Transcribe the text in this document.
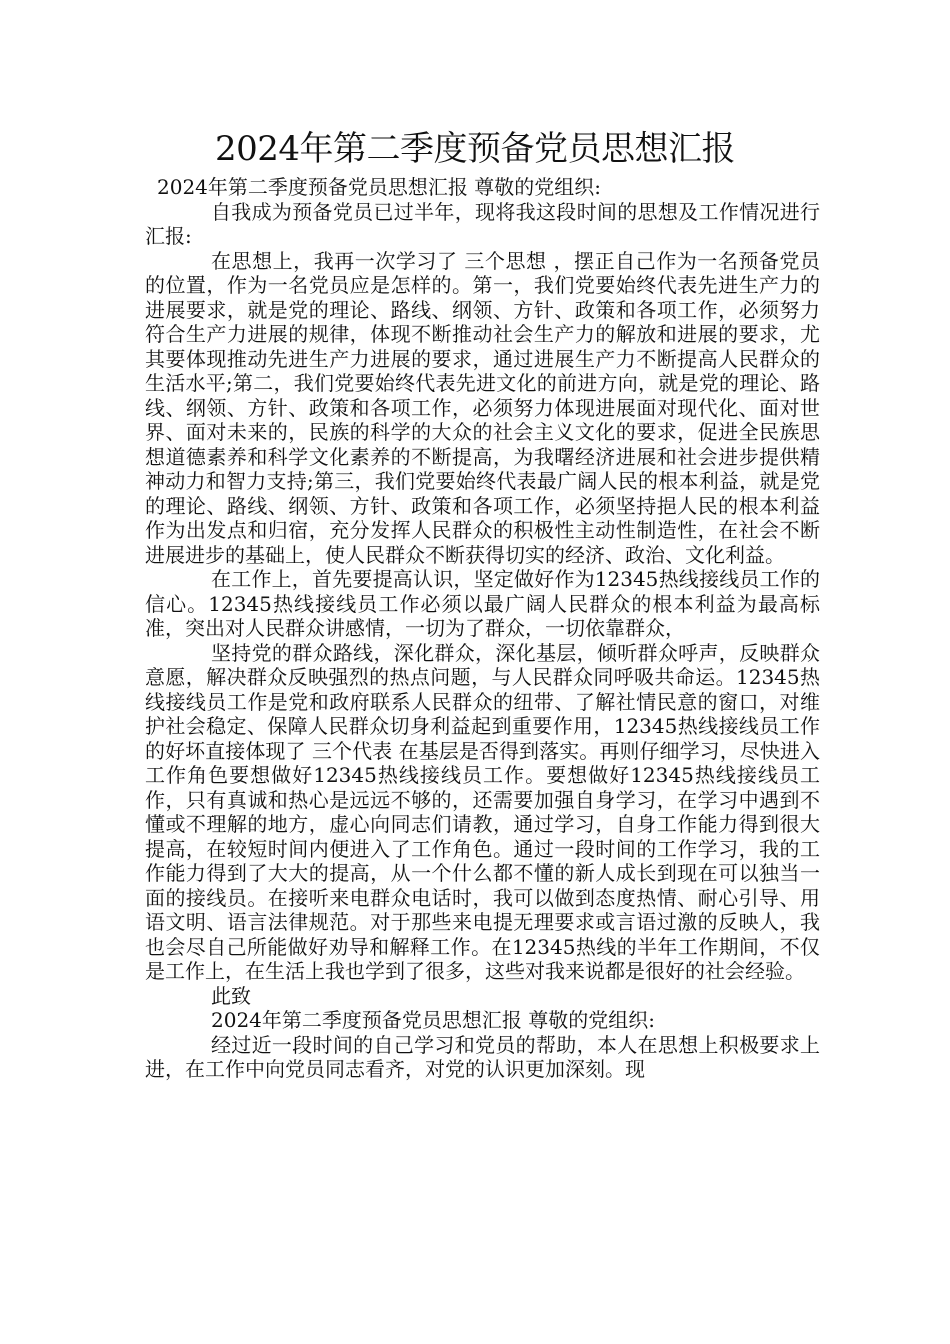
2024年第二季度预备党员思想汇报

2024年第二季度预备党员思想汇报 尊敬的党组织:

自我成为预备党员已过半年，现将我这段时间的思想及工作情况进行汇报:

在思想上，我再一次学习了 三个思想 ，摆正自己作为一名预备党员的位置，作为一名党员应是怎样的。第一，我们党要始终代表先进生产力的进展要求，就是党的理论、路线、纲领、方针、政策和各项工作，必须努力符合生产力进展的规律，体现不断推动社会生产力的解放和进展的要求，尤其要体现推动先进生产力进展的要求，通过进展生产力不断提高人民群众的生活水平;第二，我们党要始终代表先进文化的前进方向，就是党的理论、路线、纲领、方针、政策和各项工作，必须努力体现进展面对现代化、面对世界、面对未来的，民族的科学的大众的社会主义文化的要求，促进全民族思想道德素养和科学文化素养的不断提高，为我曙经济进展和社会进步提供精神动力和智力支持;第三，我们党要始终代表最广阔人民的根本利益，就是党的理论、路线、纲领、方针、政策和各项工作，必须坚持挹人民的根本利益作为出发点和归宿，充分发挥人民群众的积极性主动性制造性，在社会不断进展进步的基础上，使人民群众不断获得切实的经济、政治、文化利益。

在工作上，首先要提高认识，坚定做好作为12345热线接线员工作的信心。12345热线接线员工作必须以最广阔人民群众的根本利益为最高标准，突出对人民群众讲感情，一切为了群众，一切依靠群众，

坚持党的群众路线，深化群众，深化基层，倾听群众呼声，反映群众意愿，解决群众反映强烈的热点问题，与人民群众同呼吸共命运。12345热线接线员工作是党和政府联系人民群众的纽带、了解社情民意的窗口，对维护社会稳定、保障人民群众切身利益起到重要作用，12345热线接线员工作的好坏直接体现了 三个代表 在基层是否得到落实。再则仔细学习，尽快进入工作角色要想做好12345热线接线员工作。要想做好12345热线接线员工作，只有真诚和热心是远远不够的，还需要加强自身学习，在学习中遇到不懂或不理解的地方，虚心向同志们请教，通过学习，自身工作能力得到很大提高，在较短时间内便进入了工作角色。通过一段时间的工作学习，我的工作能力得到了大大的提高，从一个什么都不懂的新人成长到现在可以独当一面的接线员。在接听来电群众电话时，我可以做到态度热情、耐心引导、用语文明、语言法律规范。对于那些来电提无理要求或言语过激的反映人，我也会尽自己所能做好劝导和解释工作。在12345热线的半年工作期间，不仅是工作上，在生活上我也学到了很多，这些对我来说都是很好的社会经验。

此致

2024年第二季度预备党员思想汇报 尊敬的党组织:

经过近一段时间的自己学习和党员的帮助，本人在思想上积极要求上进，在工作中向党员同志看齐，对党的认识更加深刻。现
